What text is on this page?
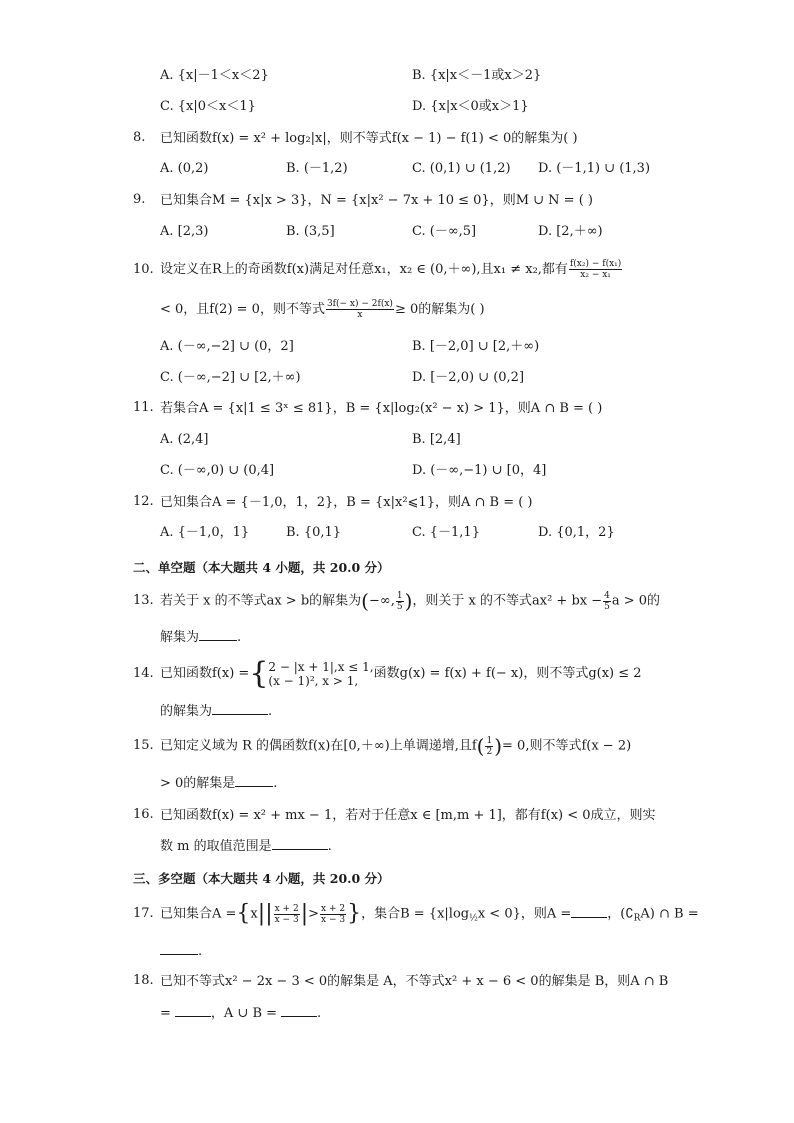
A. {x|－1＜x＜2}	B. {x|x＜－1或x＞2}
C. {x|0＜x＜1}	D. {x|x＜0或x＞1}
8.	已知函数f(x) = x² + log₂|x|，则不等式f(x − 1) − f(1) < 0的解集为( )
A. (0,2)	B. (－1,2)	C. (0,1) ∪ (1,2) D. (－1,1) ∪ (1,3)
9.	已知集合M = {x|x > 3}，N = {x|x² − 7x + 10 ≤ 0}，则M ∪ N = ( )
A. [2,3)	B. (3,5]	C. (－∞,5]	D. [2,＋∞)
10. 设定义在R上的奇函数f(x)满足对任意x₁，x₂ ∈ (0,＋∞),且x₁ ≠ x₂,都有 $\frac{\text{f(x₂) − f(x₁)}}{\text{x₂ − x₁}}$
< 0，且f(2) = 0，则不等式 $\frac{3f(- x) - 2f(x)}{x} \ge 0$的解集为( )
A. (－∞,−2] ∪ (0，2]	B. [－2,0] ∪ [2,＋∞)
C. (－∞,−2] ∪ [2,＋∞)	D. [－2,0) ∪ (0,2]
11. 若集合A = {x|1 ≤ 3ˣ ≤ 81}，B = {x|log₂(x² − x) > 1}，则A ∩ B = ( )
A. (2,4]	B. [2,4]
C. (－∞,0) ∪ (0,4]	D. (－∞,−1) ∪ [0，4]
12. 已知集合A = {－1,0，1，2}，B = {x|x²⩽1}，则A ∩ B = ( )
A. {－1,0，1}	B. {0,1}	C. {－1,1}	D. {0,1，2}
二、单空题（本大题共 4 小题，共 20.0 分）
13. 若关于 x 的不等式ax > b的解集为(−∞, $\frac{1}{5}$ )，则关于 x 的不等式ax² + bx − $\frac{4}{5}$ a > 0的
解集为	.
14. 已知函数f(x) ={ 2 − |x + 1|,x ≤ 1,
(x − 1)², x > 1,	函数g(x) = f(x) + f(− x)，则不等式g(x) ≤ 2
的解集为	.
15. 已知定义域为 R 的偶函数f(x)在[0,＋∞)上单调递增,且$f( \frac{1}{2}$ )= 0,则不等式f(x − 2)
> 0的解集是	.
16. 已知函数f(x) = x² + mx − 1，若对于任意x ∈ [m,m + 1]，都有f(x) < 0成立，则实
数 m 的取值范围是	.
三、多空题（本大题共 4 小题，共 20.0 分）
17. 已知集合$A =\{x|| \frac{x + 2}{x - 3}$ |> $\frac{x + 2}{x - 3}$ }，集合$B = \{x|\log_{\frac{1}{2}}x < 0\}$，则A =	，$(∁_RA)$ ∩ B =
.
18. 已知不等式x² − 2x − 3 < 0的解集是 A，不等式x² + x − 6 < 0的解集是 B，则A ∩ B
=	，A ∪ B =	.
